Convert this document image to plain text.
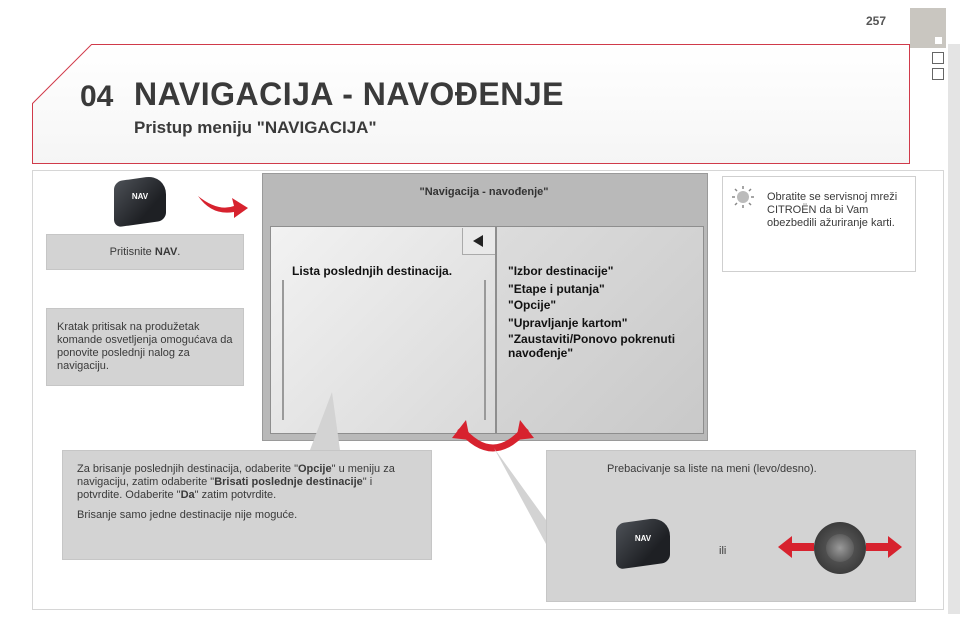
257
04 NAVIGACIJA - NAVOĐENJE
Pristup meniju "NAVIGACIJA"
NAV
Pritisnite NAV.
Kratak pritisak na produžetak komande osvetljenja omogućava da ponovite poslednji nalog za navigaciju.
"Navigacija - navođenje"
Lista poslednjih destinacija.	"Izbor destinacije"
"Etape i putanja"
"Opcije"
"Upravljanje kartom"
"Zaustaviti/Ponovo pokrenuti navođenje"
Obratite se servisnoj mreži CITROËN da bi Vam obezbedili ažuriranje karti.
Za brisanje poslednjih destinacija, odaberite "Opcije" u meniju za navigaciju, zatim odaberite "Brisati poslednje destinacije" i potvrdite. Odaberite "Da" zatim potvrdite.
Brisanje samo jedne destinacije nije moguće.
Prebacivanje sa liste na meni (levo/desno).
ili
NAV
